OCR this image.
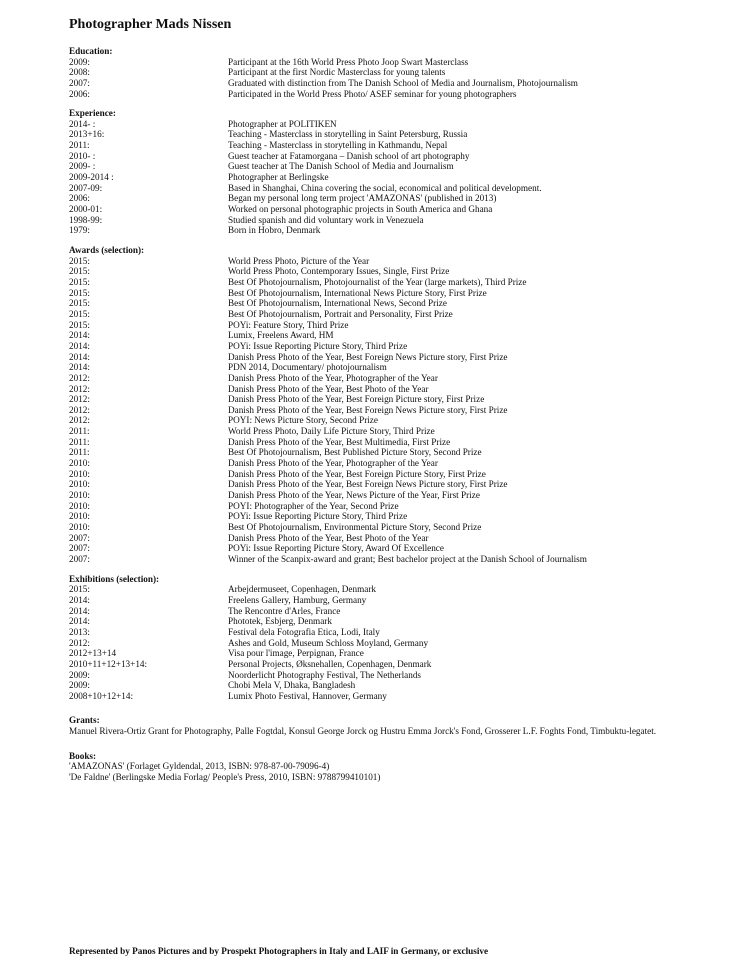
Photographer Mads Nissen
Education:
2009:	Participant at the 16th World Press Photo Joop Swart Masterclass
2008:	Participant at the first Nordic Masterclass for young talents
2007:	Graduated with distinction from The Danish School of Media and Journalism, Photojournalism
2006:	Participated in the World Press Photo/ ASEF seminar for young photographers
Experience:
2014- :	Photographer at POLITIKEN
2013+16:	Teaching - Masterclass in storytelling in Saint Petersburg, Russia
2011:	Teaching - Masterclass in storytelling in Kathmandu, Nepal
2010- :	Guest teacher at Fatamorgana – Danish school of art photography
2009- :	Guest teacher at The Danish School of Media and Journalism
2009-2014 :	Photographer at Berlingske
2007-09:	Based in Shanghai, China covering the social, economical and political development.
2006:	Began my personal long term project 'AMAZONAS' (published in 2013)
2000-01:	Worked on personal photographic projects in South America and Ghana
1998-99:	Studied spanish and did voluntary work in Venezuela
1979:	Born in Hobro, Denmark
Awards (selection):
2015:	World Press Photo, Picture of the Year
2015:	World Press Photo, Contemporary Issues, Single, First Prize
2015:	Best Of Photojournalism, Photojournalist of the Year (large markets), Third Prize
2015:	Best Of Photojournalism, International News Picture Story, First Prize
2015:	Best Of Photojournalism, International News, Second Prize
2015:	Best Of Photojournalism, Portrait and Personality, First Prize
2015:	POYi: Feature Story, Third Prize
2014:	Lumix, Freelens Award, HM
2014:	POYi: Issue Reporting Picture Story, Third Prize
2014:	Danish Press Photo of the Year, Best Foreign News Picture story, First Prize
2014:	PDN 2014, Documentary/ photojournalism
2012:	Danish Press Photo of the Year, Photographer of the Year
2012:	Danish Press Photo of the Year, Best Photo of the Year
2012:	Danish Press Photo of the Year, Best Foreign Picture story, First Prize
2012:	Danish Press Photo of the Year, Best Foreign News Picture story, First Prize
2012:	POYI: News Picture Story, Second Prize
2011:	World Press Photo, Daily Life Picture Story, Third Prize
2011:	Danish Press Photo of the Year, Best Multimedia, First Prize
2011:	Best Of Photojournalism, Best Published Picture Story, Second Prize
2010:	Danish Press Photo of the Year, Photographer of the Year
2010:	Danish Press Photo of the Year, Best Foreign Picture Story, First Prize
2010:	Danish Press Photo of the Year, Best Foreign News Picture story, First Prize
2010:	Danish Press Photo of the Year, News Picture of the Year, First Prize
2010:	POYI: Photographer of the Year, Second Prize
2010:	POYi: Issue Reporting Picture Story, Third Prize
2010:	Best Of Photojournalism, Environmental Picture Story, Second Prize
2007:	Danish Press Photo of the Year, Best Photo of the Year
2007:	POYi: Issue Reporting Picture Story, Award Of Excellence
2007:	Winner of the Scanpix-award and grant; Best bachelor project at the Danish School of Journalism
Exhibitions (selection):
2015:	Arbejdermuseet, Copenhagen, Denmark
2014:	Freelens Gallery, Hamburg, Germany
2014:	The Rencontre d'Arles, France
2014:	Phototek, Esbjerg, Denmark
2013:	Festival dela Fotografia Etica, Lodi, Italy
2012:	Ashes and Gold, Museum Schloss Moyland, Germany
2012+13+14	Visa pour l'image, Perpignan, France
2010+11+12+13+14:	Personal Projects, Øksnehallen, Copenhagen, Denmark
2009:	Noorderlicht Photography Festival, The Netherlands
2009:	Chobi Mela V, Dhaka, Bangladesh
2008+10+12+14:	Lumix Photo Festival, Hannover, Germany
Grants:
Manuel Rivera-Ortiz Grant for Photography, Palle Fogtdal, Konsul George Jorck og Hustru Emma Jorck's Fond, Grosserer L.F. Foghts Fond, Timbuktu-legatet.
Books:
'AMAZONAS' (Forlaget Gyldendal, 2013, ISBN: 978-87-00-79096-4)
'De Faldne' (Berlingske Media Forlag/ People's Press, 2010, ISBN: 9788799410101)
Represented by Panos Pictures and by Prospekt Photographers in Italy and LAIF in Germany, or exclusive
